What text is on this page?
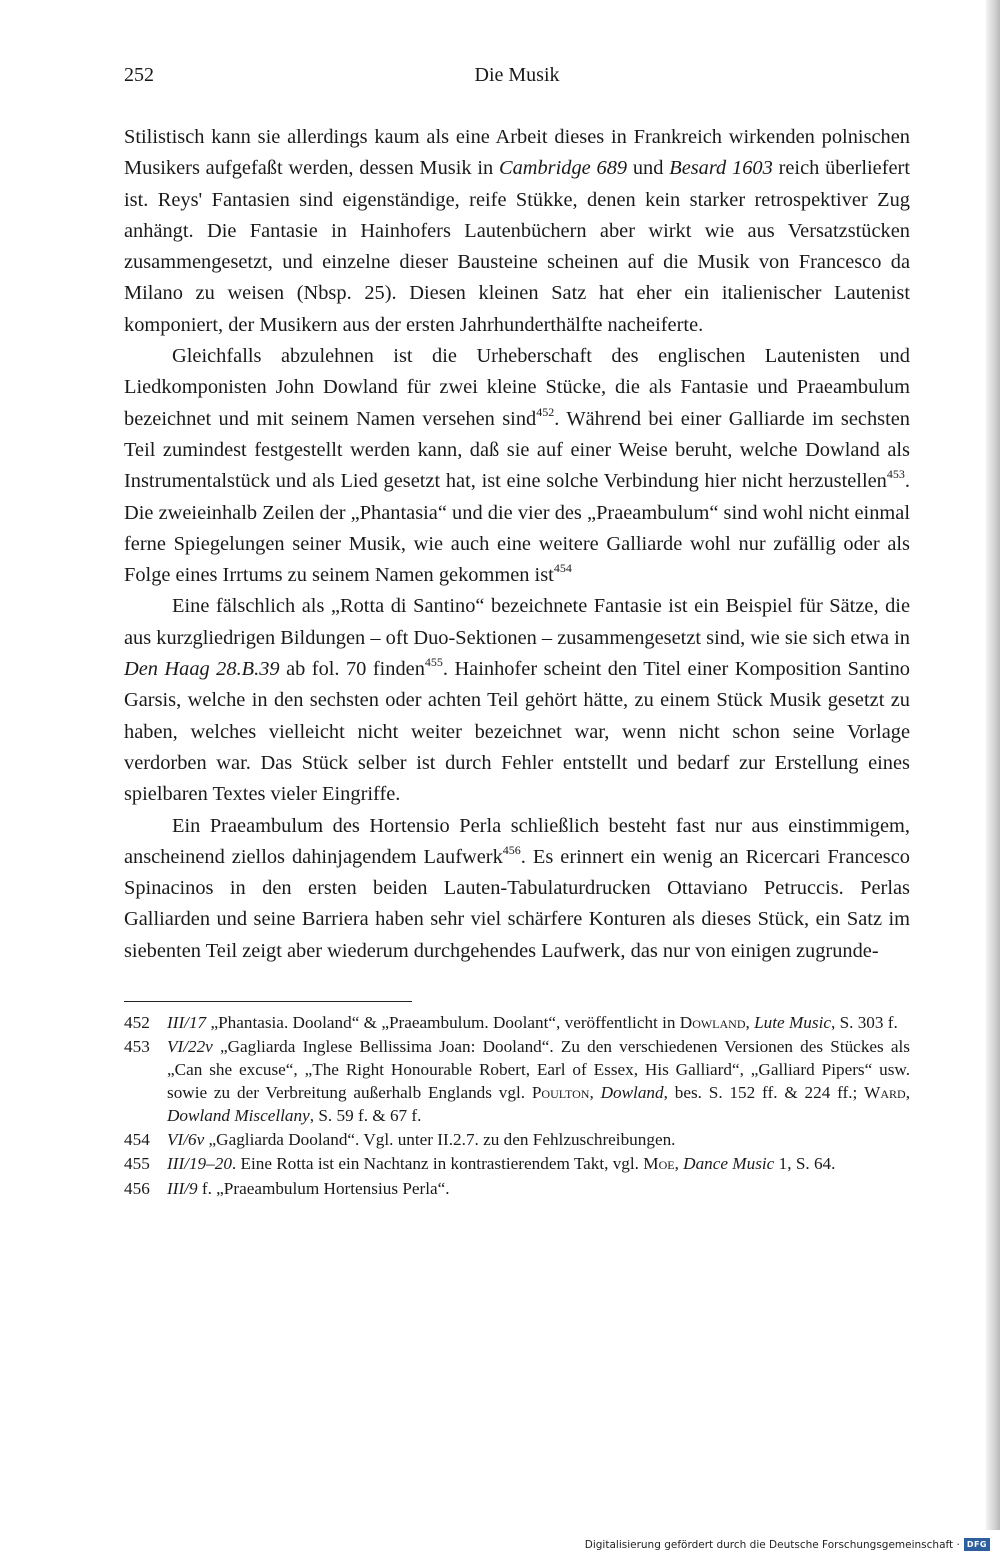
252	Die Musik

Stilistisch kann sie allerdings kaum als eine Arbeit dieses in Frankreich wirkenden polnischen Musikers aufgefaßt werden, dessen Musik in Cambridge 689 und Besard 1603 reich überliefert ist. Reys' Fantasien sind eigenständige, reife Stükke, denen kein starker retrospektiver Zug anhängt. Die Fantasie in Hainhofers Lautenbüchern aber wirkt wie aus Versatzstücken zusammengesetzt, und einzelne dieser Bausteine scheinen auf die Musik von Francesco da Milano zu weisen (Nbsp. 25). Diesen kleinen Satz hat eher ein italienischer Lautenist komponiert, der Musikern aus der ersten Jahrhunderthälfte nacheiferte.

Gleichfalls abzulehnen ist die Urheberschaft des englischen Lautenisten und Liedkomponisten John Dowland für zwei kleine Stücke, die als Fantasie und Praeambulum bezeichnet und mit seinem Namen versehen sind$^{452}$. Während bei einer Galliarde im sechsten Teil zumindest festgestellt werden kann, daß sie auf einer Weise beruht, welche Dowland als Instrumentalstück und als Lied gesetzt hat, ist eine solche Verbindung hier nicht herzustellen$^{453}$. Die zweieinhalb Zeilen der „Phantasia“ und die vier des „Praeambulum“ sind wohl nicht einmal ferne Spiegelungen seiner Musik, wie auch eine weitere Galliarde wohl nur zufällig oder als Folge eines Irrtums zu seinem Namen gekommen ist$^{454}$

Eine fälschlich als „Rotta di Santino“ bezeichnete Fantasie ist ein Beispiel für Sätze, die aus kurzgliedrigen Bildungen – oft Duo-Sektionen – zusammengesetzt sind, wie sie sich etwa in Den Haag 28.B.39 ab fol. 70 finden$^{455}$. Hainhofer scheint den Titel einer Komposition Santino Garsis, welche in den sechsten oder achten Teil gehört hätte, zu einem Stück Musik gesetzt zu haben, welches vielleicht nicht weiter bezeichnet war, wenn nicht schon seine Vorlage verdorben war. Das Stück selber ist durch Fehler entstellt und bedarf zur Erstellung eines spielbaren Textes vieler Eingriffe.

Ein Praeambulum des Hortensio Perla schließlich besteht fast nur aus einstimmigem, anscheinend ziellos dahinjagendem Laufwerk$^{456}$. Es erinnert ein wenig an Ricercari Francesco Spinacinos in den ersten beiden Lauten-Tabulaturdrucken Ottaviano Petruccis. Perlas Galliarden und seine Barriera haben sehr viel schärfere Konturen als dieses Stück, ein Satz im siebenten Teil zeigt aber wiederum durchgehendes Laufwerk, das nur von einigen zugrunde-

452 III/17 „Phantasia. Dooland“ & „Praeambulum. Doolant“, veröffentlicht in Dowland, Lute Music, S. 303 f.
453 VI/22v „Gagliarda Inglese Bellissima Joan: Dooland“. Zu den verschiedenen Versionen des Stückes als „Can she excuse“, „The Right Honourable Robert, Earl of Essex, His Galliard“, „Galliard Pipers“ usw. sowie zu der Verbreitung außerhalb Englands vgl. Poulton, Dowland, bes. S. 152 ff. & 224 ff.; Ward, Dowland Miscellany, S. 59 f. & 67 f.
454 VI/6v „Gagliarda Dooland“. Vgl. unter II.2.7. zu den Fehlzuschreibungen.
455 III/19–20. Eine Rotta ist ein Nachtanz in kontrastierendem Takt, vgl. Moe, Dance Music 1, S. 64.
456 III/9 f. „Praeambulum Hortensius Perla“.
Digitalisierung gefördert durch die Deutsche Forschungsgemeinschaft · DFG
